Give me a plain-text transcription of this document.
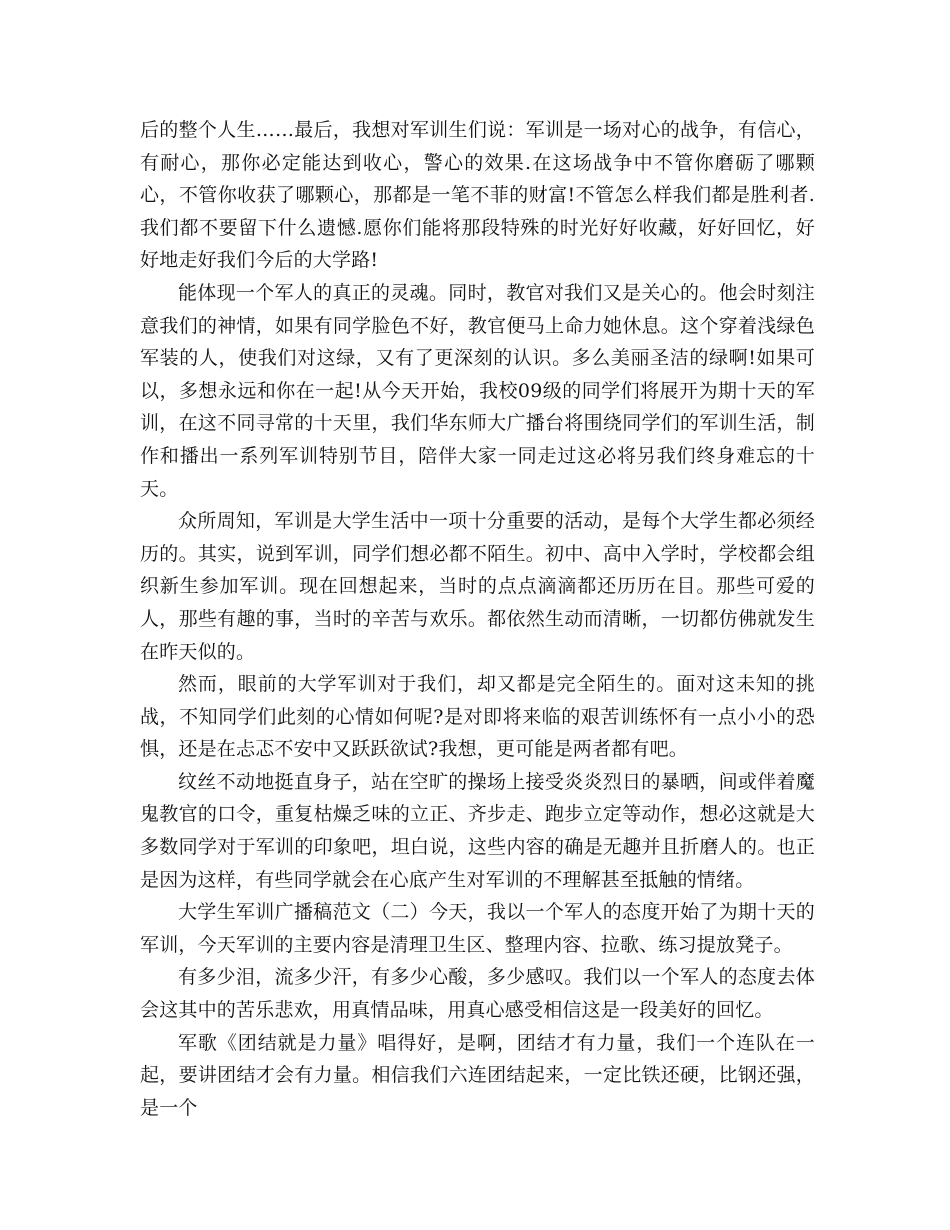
后的整个人生……最后，我想对军训生们说：军训是一场对心的战争，有信心，有耐心，那你必定能达到收心，警心的效果.在这场战争中不管你磨砺了哪颗心，不管你收获了哪颗心，那都是一笔不菲的财富!不管怎么样我们都是胜利者.我们都不要留下什么遗憾.愿你们能将那段特殊的时光好好收藏，好好回忆，好好地走好我们今后的大学路!

能体现一个军人的真正的灵魂。同时，教官对我们又是关心的。他会时刻注意我们的神情，如果有同学脸色不好，教官便马上命力她休息。这个穿着浅绿色军装的人，使我们对这绿，又有了更深刻的认识。多么美丽圣洁的绿啊!如果可以，多想永远和你在一起!从今天开始，我校09级的同学们将展开为期十天的军训，在这不同寻常的十天里，我们华东师大广播台将围绕同学们的军训生活，制作和播出一系列军训特别节目，陪伴大家一同走过这必将另我们终身难忘的十天。

众所周知，军训是大学生活中一项十分重要的活动，是每个大学生都必须经历的。其实，说到军训，同学们想必都不陌生。初中、高中入学时，学校都会组织新生参加军训。现在回想起来，当时的点点滴滴都还历历在目。那些可爱的人，那些有趣的事，当时的辛苦与欢乐。都依然生动而清晰，一切都仿佛就发生在昨天似的。

然而，眼前的大学军训对于我们，却又都是完全陌生的。面对这未知的挑战，不知同学们此刻的心情如何呢?是对即将来临的艰苦训练怀有一点小小的恐惧，还是在忐忑不安中又跃跃欲试?我想，更可能是两者都有吧。

纹丝不动地挺直身子，站在空旷的操场上接受炎炎烈日的暴晒，间或伴着魔鬼教官的口令，重复枯燥乏味的立正、齐步走、跑步立定等动作，想必这就是大多数同学对于军训的印象吧，坦白说，这些内容的确是无趣并且折磨人的。也正是因为这样，有些同学就会在心底产生对军训的不理解甚至抵触的情绪。

大学生军训广播稿范文（二）今天，我以一个军人的态度开始了为期十天的军训，今天军训的主要内容是清理卫生区、整理内容、拉歌、练习提放凳子。

有多少泪，流多少汗，有多少心酸，多少感叹。我们以一个军人的态度去体会这其中的苦乐悲欢，用真情品味，用真心感受相信这是一段美好的回忆。

军歌《团结就是力量》唱得好，是啊，团结才有力量，我们一个连队在一起，要讲团结才会有力量。相信我们六连团结起来，一定比铁还硬，比钢还强，是一个
